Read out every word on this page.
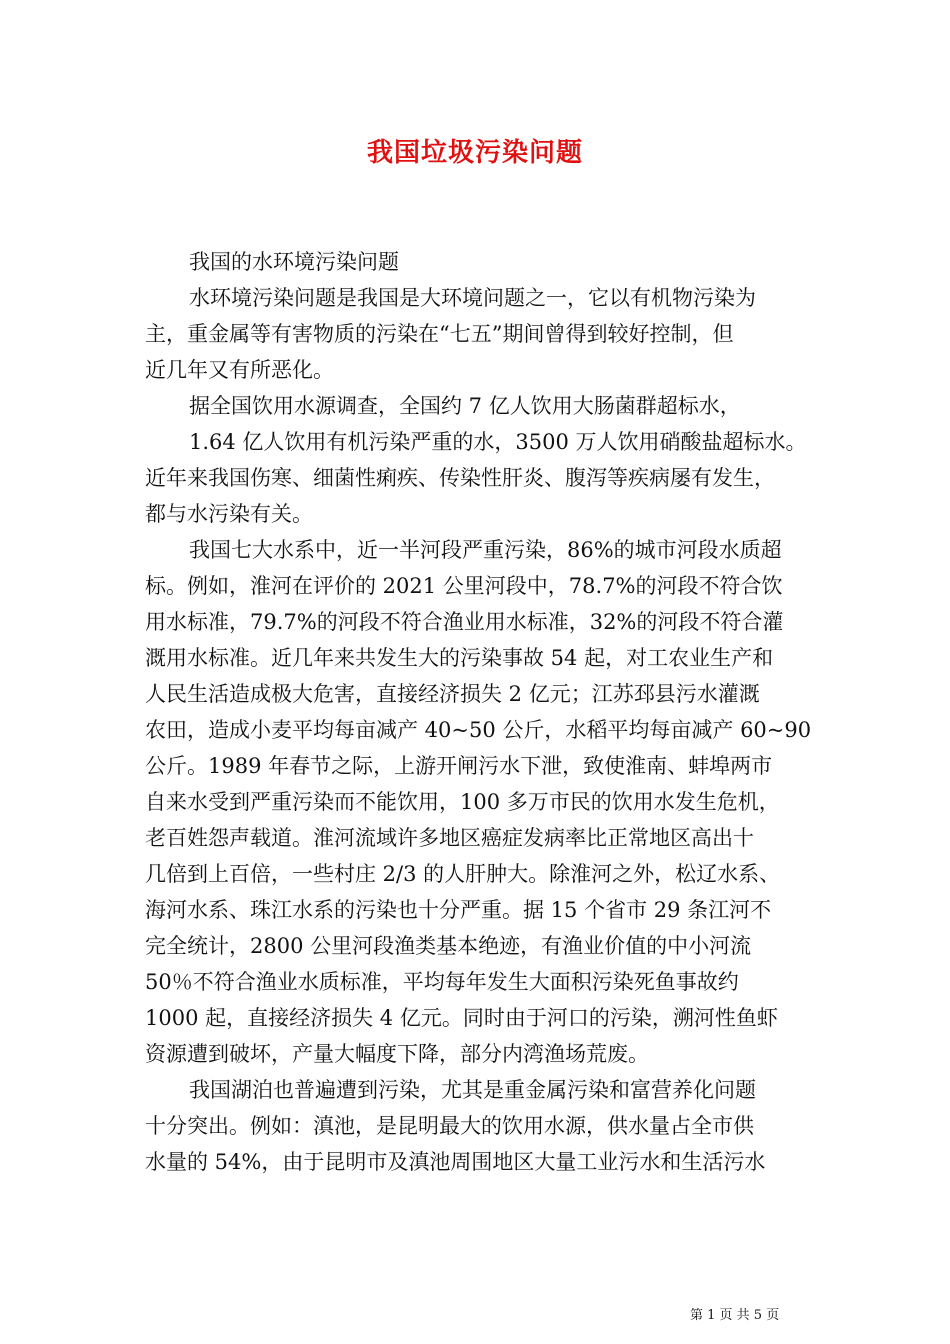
我国垃圾污染问题
我国的水环境污染问题
水环境污染问题是我国是大环境问题之一，它以有机物污染为
主，重金属等有害物质的污染在“七五”期间曾得到较好控制，但
近几年又有所恶化。
据全国饮用水源调查，全国约 7 亿人饮用大肠菌群超标水，
1.64 亿人饮用有机污染严重的水，3500 万人饮用硝酸盐超标水。
近年来我国伤寒、细菌性痢疾、传染性肝炎、腹泻等疾病屡有发生，
都与水污染有关。
我国七大水系中，近一半河段严重污染，86%的城市河段水质超
标。例如，淮河在评价的 2021 公里河段中，78.7%的河段不符合饮
用水标准，79.7%的河段不符合渔业用水标准，32%的河段不符合灌
溉用水标准。近几年来共发生大的污染事故 54 起，对工农业生产和
人民生活造成极大危害，直接经济损失 2 亿元；江苏邳县污水灌溉
农田，造成小麦平均每亩减产 40~50 公斤，水稻平均每亩减产 60~90
公斤。1989 年春节之际，上游开闸污水下泄，致使淮南、蚌埠两市
自来水受到严重污染而不能饮用，100 多万市民的饮用水发生危机，
老百姓怨声载道。淮河流域许多地区癌症发病率比正常地区高出十
几倍到上百倍，一些村庄 2/3 的人肝肿大。除淮河之外，松辽水系、
海河水系、珠江水系的污染也十分严重。据 15 个省市 29 条江河不
完全统计，2800 公里河段渔类基本绝迹，有渔业价值的中小河流
50％不符合渔业水质标准，平均每年发生大面积污染死鱼事故约
1000 起，直接经济损失 4 亿元。同时由于河口的污染，溯河性鱼虾
资源遭到破坏，产量大幅度下降，部分内湾渔场荒废。
我国湖泊也普遍遭到污染，尤其是重金属污染和富营养化问题
十分突出。例如：滇池，是昆明最大的饮用水源，供水量占全市供
水量的 54%，由于昆明市及滇池周围地区大量工业污水和生活污水
第 1 页 共 5 页
